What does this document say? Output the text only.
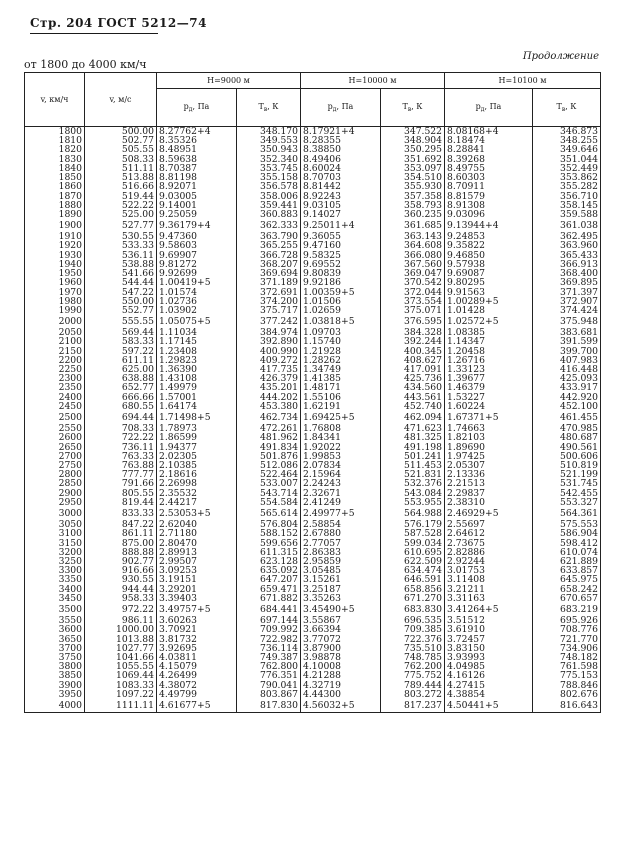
Стр. 204 ГОСТ 5212—74
Продолжение
от 1800 до 4000 км/ч
v, км/ч	v, м/с	H=9000 м		H=10000 м		H=10100 м	
		$p_д$, Па	$T_в$, К	$p_д$, Па	$T_в$, К	$p_д$, Па	$T_в$, К
1800	500.00	8.27762+4	348.170	8.17921+4	347.522	8.08168+4	346.873
1810	502.77	8.35326	349.553	8.28355	348.904	8.18474	348.255
1820	505.55	8.48951	350.943	8.38850	350.295	8.28841	349.646
1830	508.33	8.59638	352.340	8.49406	351.692	8.39268	351.044
1840	511.11	8.70387	353.745	8.60024	353.097	8.49755	352.449
1850	513.88	8.81198	355.158	8.70703	354.510	8.60303	353.862
1860	516.66	8.92071	356.578	8.81442	355.930	8.70911	355.282
1870	519.44	9.03005	358.006	8.92243	357.358	8.81579	356.710
1880	522.22	9.14001	359.441	9.03105	358.793	8.91308	358.145
1890	525.00	9.25059	360.883	9.14027	360.235	9.03096	359.588
1900	527.77	9.36179+4	362.333	9.25011+4	361.685	9.13944+4	361.038
1910	530.55	9.47360	363.790	9.36055	363.143	9.24853	362.495
1920	533.33	9.58603	365.255	9.47160	364.608	9.35822	363.960
1930	536.11	9.69907	366.728	9.58325	366.080	9.46850	365.433
1940	538.88	9.81272	368.207	9.69552	367.560	9.57938	366.913
1950	541.66	9.92699	369.694	9.80839	369.047	9.69087	368.400
1960	544.44	1.00419+5	371.189	9.92186	370.542	9.80295	369.895
1970	547.22	1.01574	372.691	1.00359+5	372.044	9.91563	371.397
1980	550.00	1.02736	374.200	1.01506	373.554	1.00289+5	372.907
1990	552.77	1.03902	375.717	1.02659	375.071	1.01428	374.424
2000	555.55	1.05075+5	377.242	1.03818+5	376.595	1.02572+5	375.948
2050	569.44	1.11034	384.974	1.09703	384.328	1.08385	383.681
2100	583.33	1.17145	392.890	1.15740	392.244	1.14347	391.599
2150	597.22	1.23408	400.990	1.21928	400.345	1.20458	399.700
2200	611.11	1.29823	409.272	1.28262	408.627	1.26716	407.983
2250	625.00	1.36390	417.735	1.34749	417.091	1.33123	416.448
2300	638.88	1.43108	426.379	1.41385	425.736	1.39677	425.093
2350	652.77	1.49979	435.201	1.48171	434.560	1.46379	433.917
2400	666.66	1.57001	444.202	1.55106	443.561	1.53227	442.920
2450	680.55	1.64174	453.380	1.62191	452.740	1.60224	452.100
2500	694.44	1.71498+5	462.734	1.69425+5	462.094	1.67371+5	461.455
2550	708.33	1.78973	472.261	1.76808	471.623	1.74663	470.985
2600	722.22	1.86599	481.962	1.84341	481.325	1.82103	480.687
2650	736.11	1.94377	491.834	1.92022	491.198	1.89690	490.561
2700	763.33	2.02305	501.876	1.99853	501.241	1.97425	500.606
2750	763.88	2.10385	512.086	2.07834	511.453	2.05307	510.819
2800	777.77	2.18616	522.464	2.15964	521.831	2.13336	521.199
2850	791.66	2.26998	533.007	2.24243	532.376	2.21513	531.745
2900	805.55	2.35532	543.714	2.32671	543.084	2.29837	542.455
2950	819.44	2.44217	554.584	2.41249	553.955	2.38310	553.327
3000	833.33	2.53053+5	565.614	2.49977+5	564.988	2.46929+5	564.361
3050	847.22	2.62040	576.804	2.58854	576.179	2.55697	575.553
3100	861.11	2.71180	588.152	2.67880	587.528	2.64612	586.904
3150	875.00	2.80470	599.656	2.77057	599.034	2.73675	598.412
3200	888.88	2.89913	611.315	2.86383	610.695	2.82886	610.074
3250	902.77	2.99507	623.128	2.95859	622.509	2.92244	621.889
3300	916.66	3.09253	635.092	3.05485	634.474	3.01753	633.857
3350	930.55	3.19151	647.207	3.15261	646.591	3.11408	645.975
3400	944.44	3.29201	659.471	3.25187	658.856	3.21211	658.242
3450	958.33	3.39403	671.882	3.35263	671.270	3.31163	670.657
3500	972.22	3.49757+5	684.441	3.45490+5	683.830	3.41264+5	683.219
3550	986.11	3.60263	697.144	3.55867	696.535	3.51512	695.926
3600	1000.00	3.70921	709.992	3.66394	709.385	3.61910	708.776
3650	1013.88	3.81732	722.982	3.77072	722.376	3.72457	721.770
3700	1027.77	3.92695	736.114	3.87900	735.510	3.83150	734.906
3750	1041.66	4.03811	749.387	3.98878	748.785	3.93993	748.182
3800	1055.55	4.15079	762.800	4.10008	762.200	4.04985	761.598
3850	1069.44	4.26499	776.351	4.21288	775.752	4.16126	775.153
3900	1083.33	4.38072	790.041	4.32719	789.444	4.27415	788.846
3950	1097.22	4.49799	803.867	4.44300	803.272	4.38854	802.676
4000	1111.11	4.61677+5	817.830	4.56032+5	817.237	4.50441+5	816.643
